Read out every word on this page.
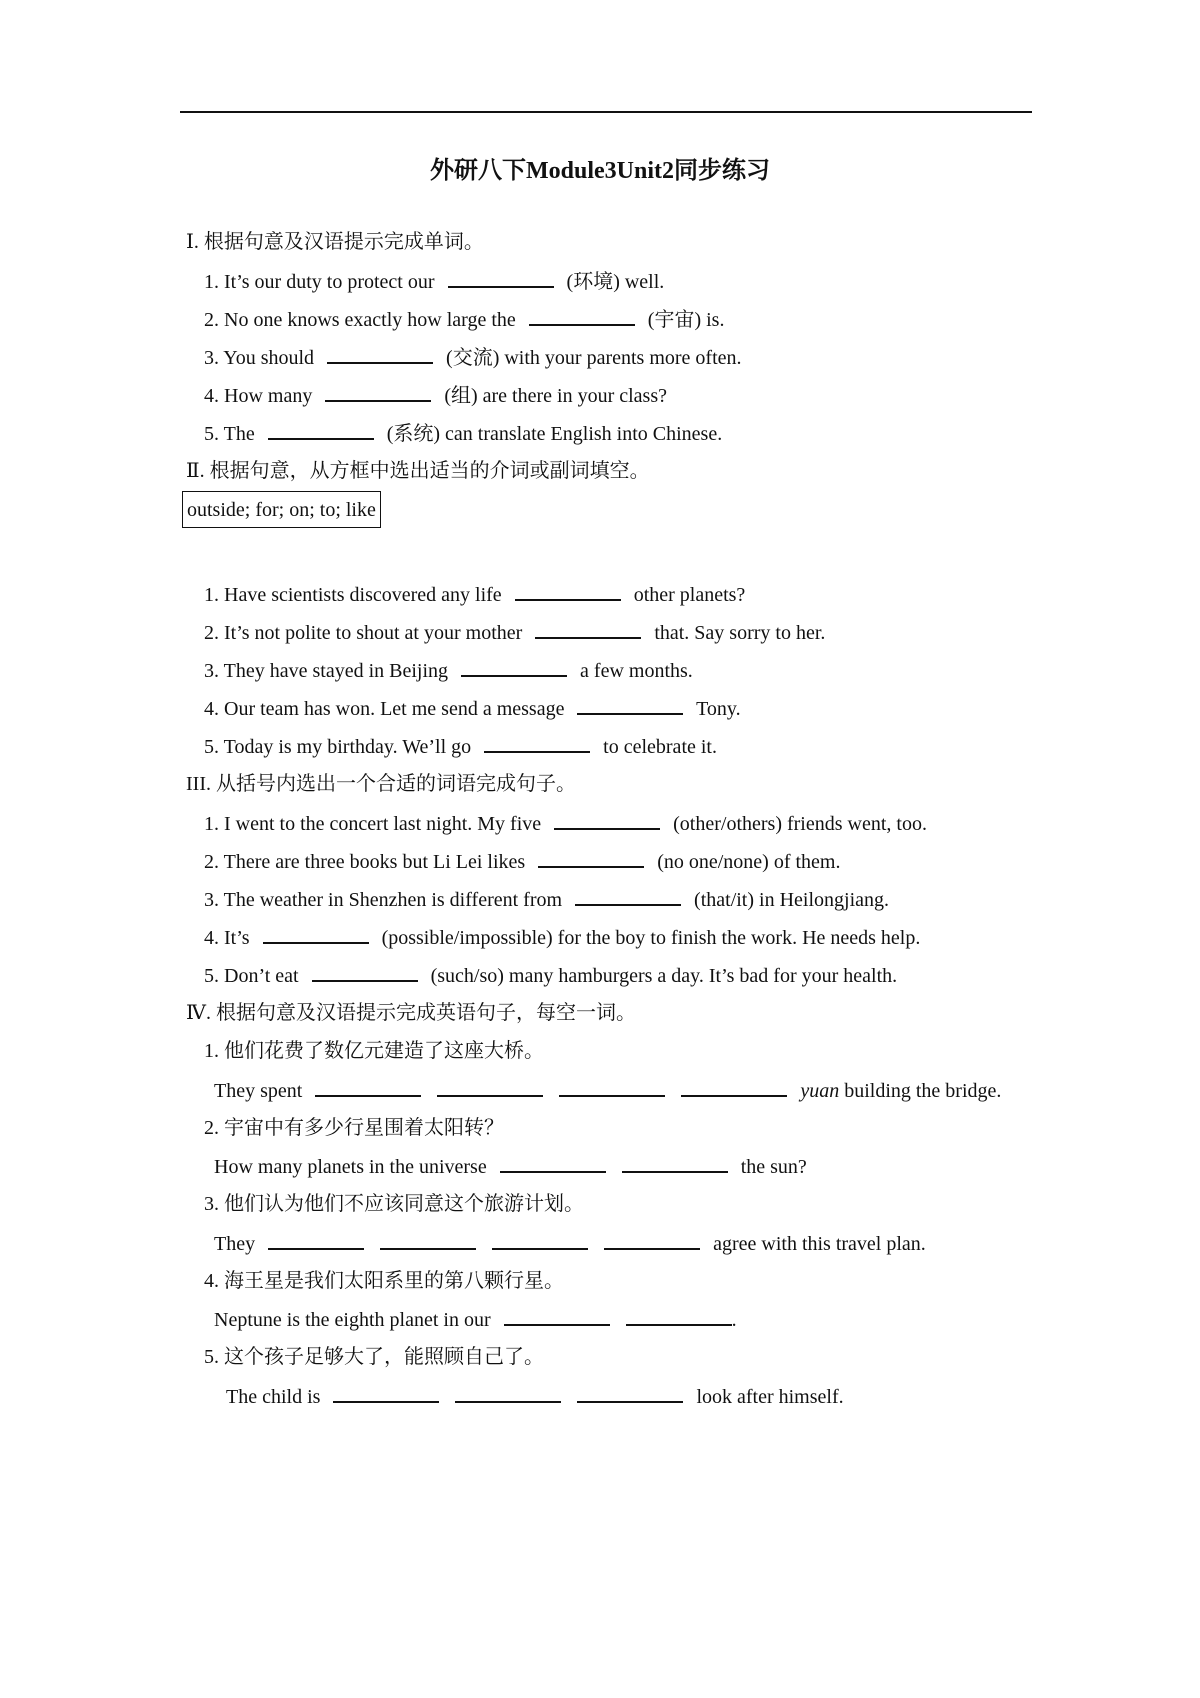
外研八下Module3Unit2同步练习
Ⅰ. 根据句意及汉语提示完成单词。
1. It’s our duty to protect our	(环境) well.
2. No one knows exactly how large the	(宇宙) is.
3. You should	(交流) with your parents more often.
4. How many	(组) are there in your class?
5. The	(系统) can translate English into Chinese.
Ⅱ. 根据句意，从方框中选出适当的介词或副词填空。
outside; for; on; to; like
1. Have scientists discovered any life	other planets?
2. It’s not polite to shout at your mother	that. Say sorry to her.
3. They have stayed in Beijing	a few months.
4. Our team has won. Let me send a message	Tony.
5. Today is my birthday. We’ll go	to celebrate it.
III. 从括号内选出一个合适的词语完成句子。
1. I went to the concert last night. My five	(other/others) friends went, too.
2. There are three books but Li Lei likes	(no one/none) of them.
3. The weather in Shenzhen is different from	(that/it) in Heilongjiang.
4. It’s	(possible/impossible) for the boy to finish the work. He needs help.
5. Don’t eat	(such/so) many hamburgers a day. It’s bad for your health.
Ⅳ. 根据句意及汉语提示完成英语句子，每空一词。
1. 他们花费了数亿元建造了这座大桥。
They spent	yuan building the bridge.
2. 宇宙中有多少行星围着太阳转？
How many planets in the universe	the sun?
3. 他们认为他们不应该同意这个旅游计划。
They	agree with this travel plan.
4. 海王星是我们太阳系里的第八颗行星。
Neptune is the eighth planet in our	.
5. 这个孩子足够大了，能照顾自己了。
The child is	look after himself.
